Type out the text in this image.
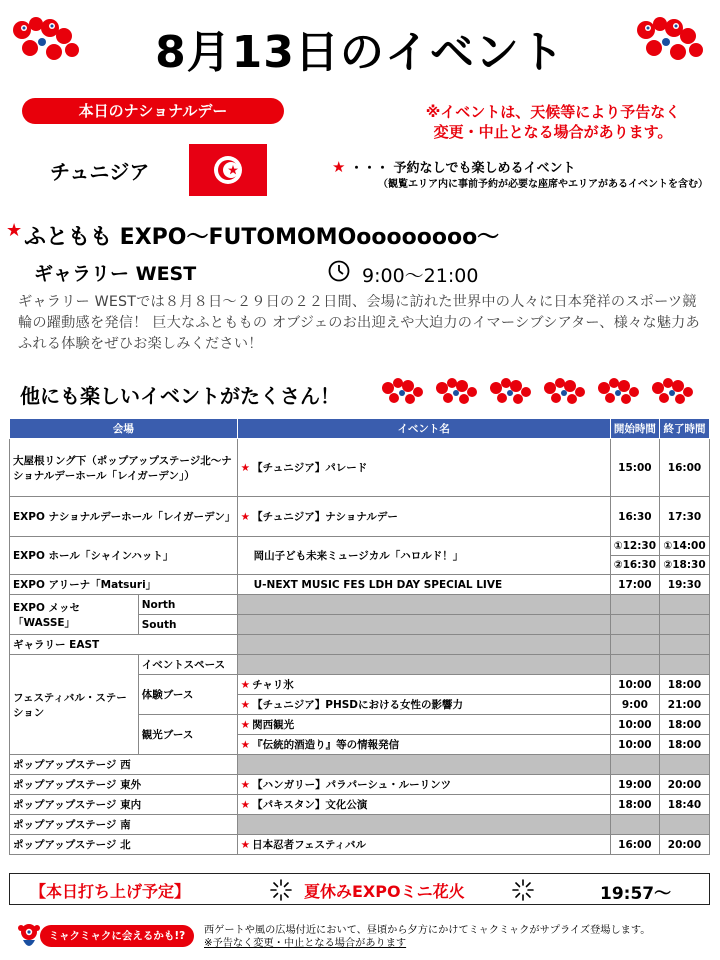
8月13日のイベント
本日のナショナルデー	※イベントは、天候等により予告なく
変更・中止となる場合があります。
チュニジア	★ ・・・ 予約なしでも楽しめるイベント
（観覧エリア内に事前予約が必要な座席やエリアがあるイベントを含む）
★ ふともも EXPO～FUTOMOMOoooooooo～
ギャラリー WEST	9:00～21:00
ギャラリー WESTでは８月８日～２９日の２２日間、会場に訪れた世界中の人々に日本発祥のスポーツ競輪の躍動感を発信！ 巨大なふとももの オブジェのお出迎えや大迫力のイマーシブシアター、様々な魅力あふれる体験をぜひお楽しみください！
他にも楽しいイベントがたくさん！
会場		イベント名	開始時間	終了時間
大屋根リング下（ポップアップステージ北～ナショナルデーホール「レイガーデン」）		★ 【チュニジア】パレード	15:00	16:00
EXPO ナショナルデーホール「レイガーデン」		★ 【チュニジア】ナショナルデー	16:30	17:30
EXPO ホール「シャインハット」		岡山子ども未来ミュージカル「ハロルド！」	①12:30	①14:00
			②16:30	②18:30
EXPO アリーナ「Matsuri」		U-NEXT MUSIC FES LDH DAY SPECIAL LIVE	17:00	19:30
EXPO メッセ「WASSE」	North			
	South			
ギャラリー EAST				
フェスティバル・ステーション	イベントスペース			
	体験ブース	★ チャリ氷	10:00	18:00
		★ 【チュニジア】PHSDにおける女性の影響力	9:00	21:00
	観光ブース	★ 関西観光	10:00	18:00
		★ 『伝統的酒造り』等の情報発信	10:00	18:00
ポップアップステージ 西				
ポップアップステージ 東外		★ 【ハンガリー】パラパーシュ・ルーリンツ	19:00	20:00
ポップアップステージ 東内		★ 【パキスタン】文化公演	18:00	18:40
ポップアップステージ 南				
ポップアップステージ 北		★ 日本忍者フェスティバル	16:00	20:00
【本日打ち上げ予定】	夏休みEXPOミニ花火	19:57～
ミャクミャクに会えるかも!?	西ゲートや風の広場付近において、昼頃から夕方にかけてミャクミャクがサプライズ登場します。
※予告なく変更・中止となる場合があります
